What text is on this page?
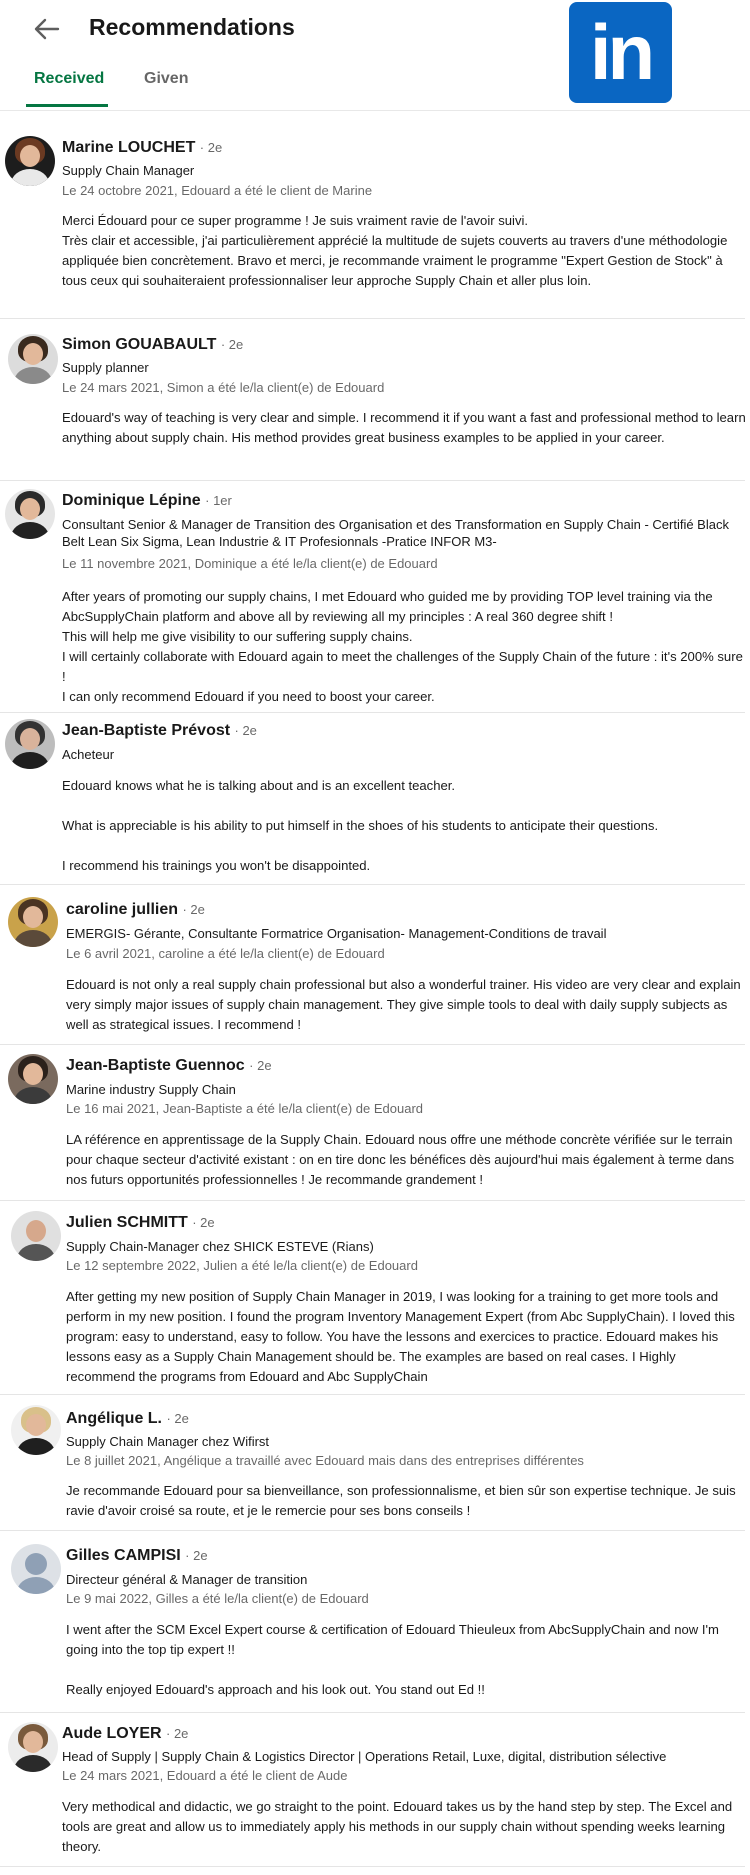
Recommendations	in
Received Given
Marine LOUCHET · 2e
Supply Chain Manager
Le 24 octobre 2021, Edouard a été le client de Marine

Merci Édouard pour ce super programme ! Je suis vraiment ravie de l'avoir suivi.
Très clair et accessible, j'ai particulièrement apprécié la multitude de sujets couverts au travers d'une méthodologie appliquée bien concrètement. Bravo et merci, je recommande vraiment le programme "Expert Gestion de Stock" à tous ceux qui souhaiteraient professionnaliser leur approche Supply Chain et aller plus loin.

Simon GOUABAULT · 2e
Supply planner
Le 24 mars 2021, Simon a été le/la client(e) de Edouard

Edouard's way of teaching is very clear and simple. I recommend it if you want a fast and professional method to learn anything about supply chain. His method provides great business examples to be applied in your career.

Dominique Lépine · 1er
Consultant Senior & Manager de Transition des Organisation et des Transformation en Supply Chain - Certifié Black Belt Lean Six Sigma, Lean Industrie & IT Profesionnals -Pratice INFOR M3-
Le 11 novembre 2021, Dominique a été le/la client(e) de Edouard

After years of promoting our supply chains, I met Edouard who guided me by providing TOP level training via the AbcSupplyChain platform and above all by reviewing all my principles : A real 360 degree shift !
This will help me give visibility to our suffering supply chains.
I will certainly collaborate with Edouard again to meet the challenges of the Supply Chain of the future : it's 200% sure !
I can only recommend Edouard if you need to boost your career.

Jean-Baptiste Prévost · 2e
Acheteur

Edouard knows what he is talking about and is an excellent teacher.

What is appreciable is his ability to put himself in the shoes of his students to anticipate their questions.

I recommend his trainings you won't be disappointed.

caroline jullien · 2e
EMERGIS- Gérante, Consultante Formatrice Organisation- Management-Conditions de travail
Le 6 avril 2021, caroline a été le/la client(e) de Edouard

Edouard is not only a real supply chain professional but also a wonderful trainer. His video are very clear and explain very simply major issues of supply chain management. They give simple tools to deal with daily supply subjects as well as strategical issues. I recommend !

Jean-Baptiste Guennoc · 2e
Marine industry Supply Chain
Le 16 mai 2021, Jean-Baptiste a été le/la client(e) de Edouard

LA référence en apprentissage de la Supply Chain. Edouard nous offre une méthode concrète vérifiée sur le terrain pour chaque secteur d'activité existant : on en tire donc les bénéfices dès aujourd'hui mais également à terme dans nos futurs opportunités professionnelles ! Je recommande grandement !

Julien SCHMITT · 2e
Supply Chain-Manager chez SHICK ESTEVE (Rians)
Le 12 septembre 2022, Julien a été le/la client(e) de Edouard

After getting my new position of Supply Chain Manager in 2019, I was looking for a training to get more tools and perform in my new position. I found the program Inventory Management Expert (from Abc SupplyChain). I loved this program: easy to understand, easy to follow. You have the lessons and exercices to practice. Edouard makes his lessons easy as a Supply Chain Management should be. The examples are based on real cases. I Highly recommend the programs from Edouard and Abc SupplyChain

Angélique L. · 2e
Supply Chain Manager chez Wifirst
Le 8 juillet 2021, Angélique a travaillé avec Edouard mais dans des entreprises différentes

Je recommande Edouard pour sa bienveillance, son professionnalisme, et bien sûr son expertise technique. Je suis ravie d'avoir croisé sa route, et je le remercie pour ses bons conseils !

Gilles CAMPISI · 2e
Directeur général & Manager de transition
Le 9 mai 2022, Gilles a été le/la client(e) de Edouard

I went after the SCM Excel Expert course & certification of Edouard Thieuleux from AbcSupplyChain and now I'm going into the top tip expert !!

Really enjoyed Edouard's approach and his look out. You stand out Ed !!

Aude LOYER · 2e
Head of Supply | Supply Chain & Logistics Director | Operations Retail, Luxe, digital, distribution sélective
Le 24 mars 2021, Edouard a été le client de Aude

Very methodical and didactic, we go straight to the point. Edouard takes us by the hand step by step. The Excel and tools are great and allow us to immediately apply his methods in our supply chain without spending weeks learning theory.
